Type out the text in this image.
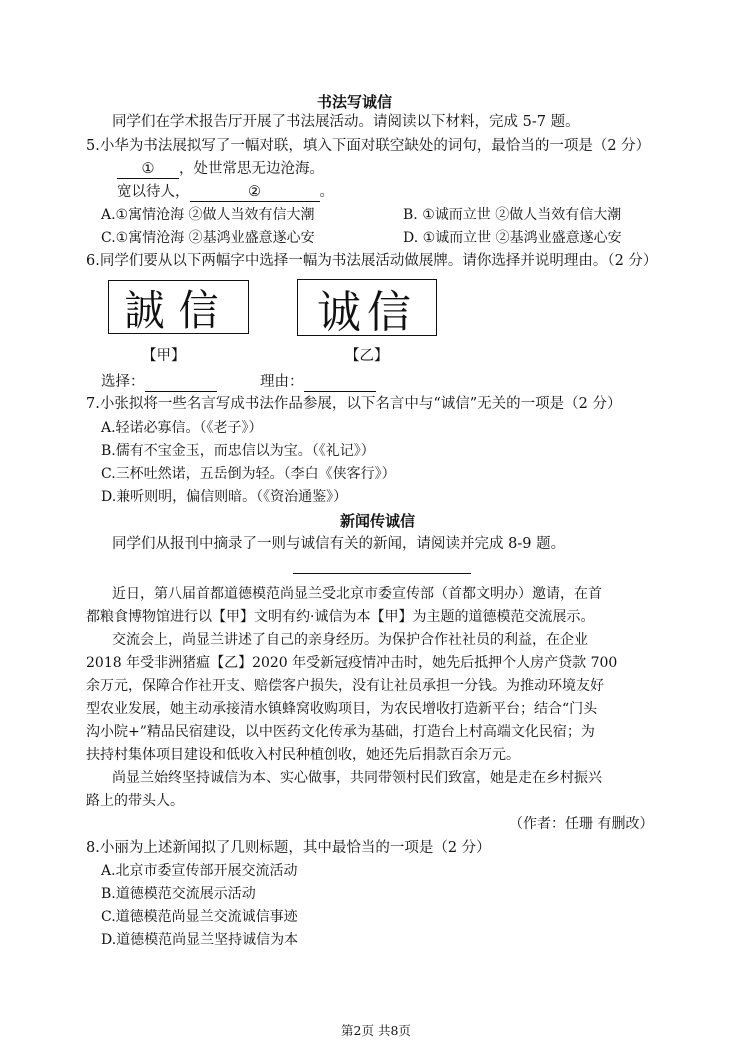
书法写诚信
同学们在学术报告厅开展了书法展活动。请阅读以下材料，完成 5-7 题。
5.小华为书法展拟写了一幅对联，填入下面对联空缺处的词句，最恰当的一项是（2 分）
① ，处世常思无边沧海。
宽以待人，	②	。
A.①寓情沧海 ②做人当效有信大潮	B. ①诚而立世 ②做人当效有信大潮
C.①寓情沧海 ②基鸿业盛意遂心安	D. ①诚而立世 ②基鸿业盛意遂心安
6.同学们要从以下两幅字中选择一幅为书法展活动做展牌。请你选择并说明理由。（2 分）
誠信 诚信
【甲】	【乙】
选择：	理由：
7.小张拟将一些名言写成书法作品参展，以下名言中与“诚信”无关的一项是（2 分）
A.轻诺必寡信。（《老子》）
B.儒有不宝金玉，而忠信以为宝。（《礼记》）
C.三杯吐然诺，五岳倒为轻。（李白《侠客行》）
D.兼听则明，偏信则暗。（《资治通鉴》）
新闻传诚信
同学们从报刊中摘录了一则与诚信有关的新闻，请阅读并完成 8-9 题。
近日，第八届首都道德模范尚显兰受北京市委宣传部（首都文明办）邀请，在首
都粮食博物馆进行以【甲】文明有约·诚信为本【甲】为主题的道德模范交流展示。
交流会上，尚显兰讲述了自己的亲身经历。为保护合作社社员的利益，在企业
2018 年受非洲猪瘟【乙】2020 年受新冠疫情冲击时，她先后抵押个人房产贷款 700
余万元，保障合作社开支、赔偿客户损失，没有让社员承担一分钱。为推动环境友好
型农业发展，她主动承接清水镇蜂窝收购项目，为农民增收打造新平台；结合“门头
沟小院+”精品民宿建设，以中医药文化传承为基础，打造台上村高端文化民宿；为
扶持村集体项目建设和低收入村民种植创收，她还先后捐款百余万元。
尚显兰始终坚持诚信为本、实心做事，共同带领村民们致富，她是走在乡村振兴
路上的带头人。
（作者：任珊 有删改）
8.小丽为上述新闻拟了几则标题，其中最恰当的一项是（2 分）
A.北京市委宣传部开展交流活动
B.道德模范交流展示活动
C.道德模范尚显兰交流诚信事迹
D.道德模范尚显兰坚持诚信为本
第2页 共8页
